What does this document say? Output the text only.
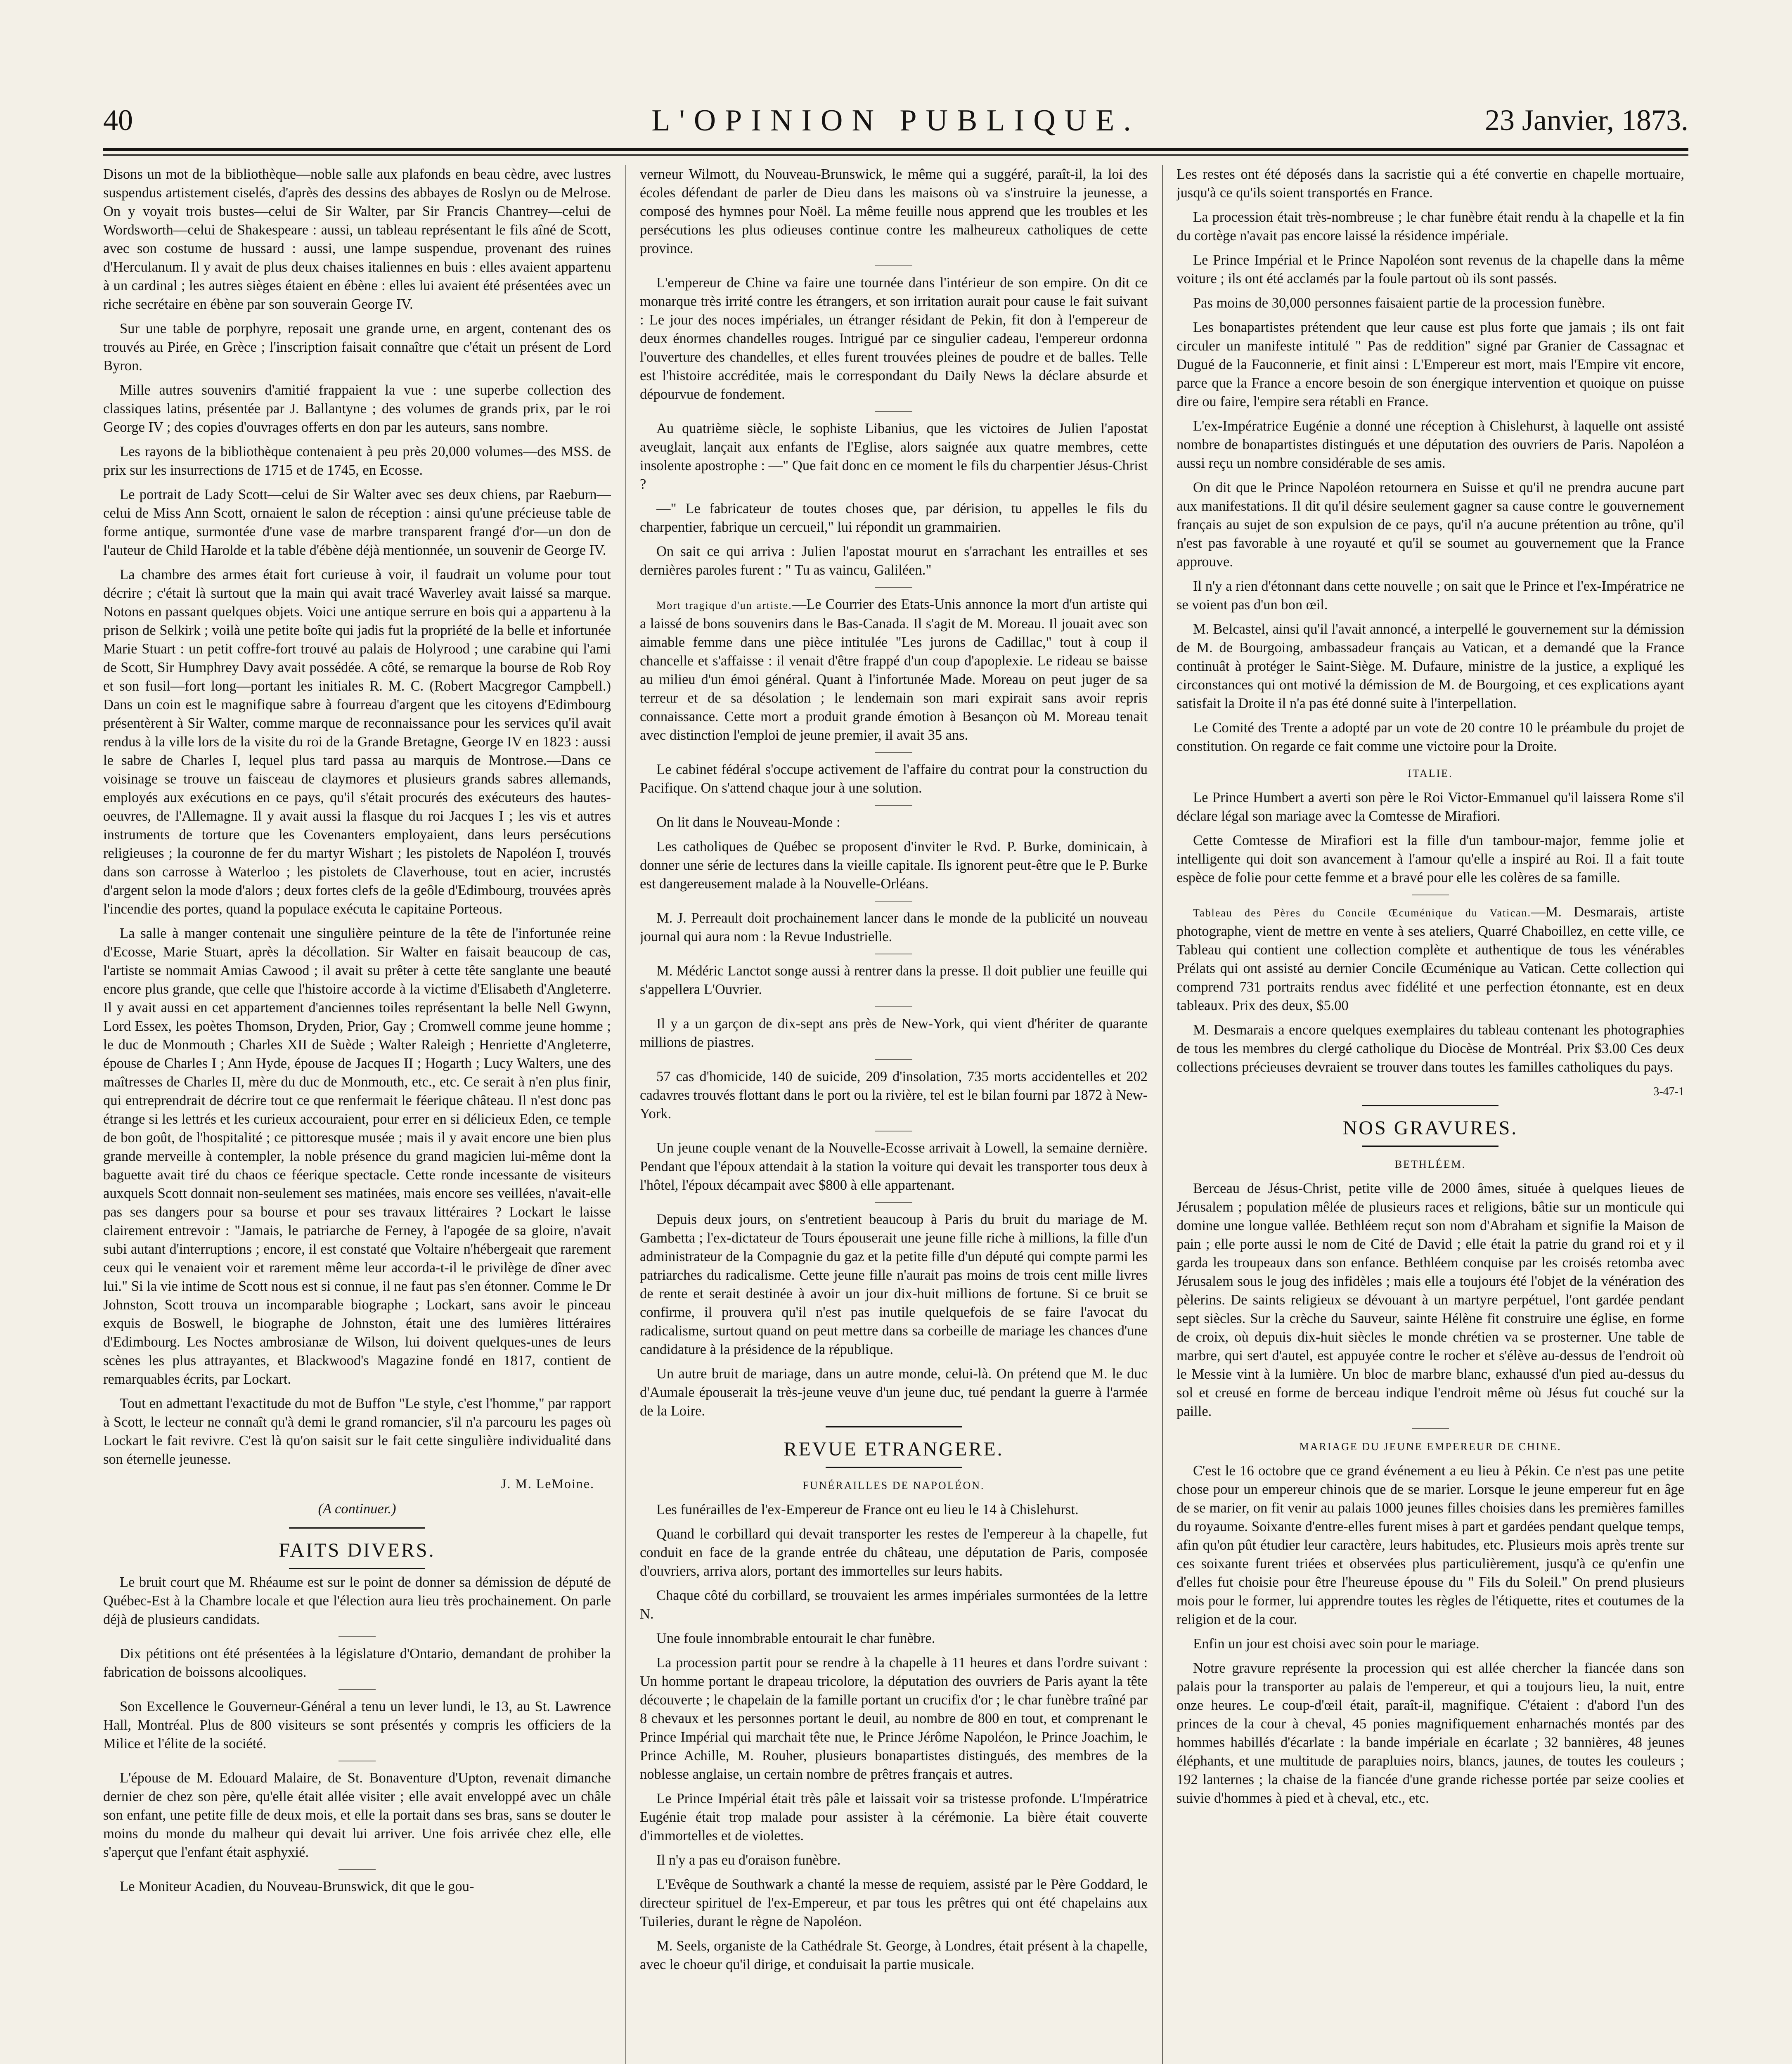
40	L'OPINION PUBLIQUE.	23 Janvier, 1873.

Disons un mot de la bibliothèque—noble salle aux plafonds en beau cèdre, avec lustres suspendus artistement ciselés, d'après des dessins des abbayes de Roslyn ou de Melrose. On y voyait trois bustes—celui de Sir Walter, par Sir Francis Chantrey—celui de Wordsworth—celui de Shakespeare : aussi, un tableau représentant le fils aîné de Scott, avec son costume de hussard : aussi, une lampe suspendue, provenant des ruines d'Herculanum. Il y avait de plus deux chaises italiennes en buis : elles avaient appartenu à un cardinal ; les autres sièges étaient en ébène : elles lui avaient été présentées avec un riche secrétaire en ébène par son souverain George IV.

Sur une table de porphyre, reposait une grande urne, en argent, contenant des os trouvés au Pirée, en Grèce ; l'inscription faisait connaître que c'était un présent de Lord Byron.

Mille autres souvenirs d'amitié frappaient la vue : une superbe collection des classiques latins, présentée par J. Ballantyne ; des volumes de grands prix, par le roi George IV ; des copies d'ouvrages offerts en don par les auteurs, sans nombre.

Les rayons de la bibliothèque contenaient à peu près 20,000 volumes—des MSS. de prix sur les insurrections de 1715 et de 1745, en Ecosse.

Le portrait de Lady Scott—celui de Sir Walter avec ses deux chiens, par Raeburn—celui de Miss Ann Scott, ornaient le salon de réception : ainsi qu'une précieuse table de forme antique, surmontée d'une vase de marbre transparent frangé d'or—un don de l'auteur de Child Harolde et la table d'ébène déjà mentionnée, un souvenir de George IV.

La chambre des armes était fort curieuse à voir, il faudrait un volume pour tout décrire ; c'était là surtout que la main qui avait tracé Waverley avait laissé sa marque. Notons en passant quelques objets. Voici une antique serrure en bois qui a appartenu à la prison de Selkirk ; voilà une petite boîte qui jadis fut la propriété de la belle et infortunée Marie Stuart : un petit coffre-fort trouvé au palais de Holyrood ; une carabine qui l'ami de Scott, Sir Humphrey Davy avait possédée. A côté, se remarque la bourse de Rob Roy et son fusil—fort long—portant les initiales R. M. C. (Robert Macgregor Campbell.) Dans un coin est le magnifique sabre à fourreau d'argent que les citoyens d'Edimbourg présentèrent à Sir Walter, comme marque de reconnaissance pour les services qu'il avait rendus à la ville lors de la visite du roi de la Grande Bretagne, George IV en 1823 : aussi le sabre de Charles I, lequel plus tard passa au marquis de Montrose.—Dans ce voisinage se trouve un faisceau de claymores et plusieurs grands sabres allemands, employés aux exécutions en ce pays, qu'il s'était procurés des exécuteurs des hautes-oeuvres, de l'Allemagne. Il y avait aussi la flasque du roi Jacques I ; les vis et autres instruments de torture que les Covenanters employaient, dans leurs persécutions religieuses ; la couronne de fer du martyr Wishart ; les pistolets de Napoléon I, trouvés dans son carrosse à Waterloo ; les pistolets de Claverhouse, tout en acier, incrustés d'argent selon la mode d'alors ; deux fortes clefs de la geôle d'Edimbourg, trouvées après l'incendie des portes, quand la populace exécuta le capitaine Porteous.

La salle à manger contenait une singulière peinture de la tête de l'infortunée reine d'Ecosse, Marie Stuart, après la décollation. Sir Walter en faisait beaucoup de cas, l'artiste se nommait Amias Cawood ; il avait su prêter à cette tête sanglante une beauté encore plus grande, que celle que l'histoire accorde à la victime d'Elisabeth d'Angleterre. Il y avait aussi en cet appartement d'anciennes toiles représentant la belle Nell Gwynn, Lord Essex, les poètes Thomson, Dryden, Prior, Gay ; Cromwell comme jeune homme ; le duc de Monmouth ; Charles XII de Suède ; Walter Raleigh ; Henriette d'Angleterre, épouse de Charles I ; Ann Hyde, épouse de Jacques II ; Hogarth ; Lucy Walters, une des maîtresses de Charles II, mère du duc de Monmouth, etc., etc. Ce serait à n'en plus finir, qui entreprendrait de décrire tout ce que renfermait le féerique château. Il n'est donc pas étrange si les lettrés et les curieux accouraient, pour errer en si délicieux Eden, ce temple de bon goût, de l'hospitalité ; ce pittoresque musée ; mais il y avait encore une bien plus grande merveille à contempler, la noble présence du grand magicien lui-même dont la baguette avait tiré du chaos ce féerique spectacle. Cette ronde incessante de visiteurs auxquels Scott donnait non-seulement ses matinées, mais encore ses veillées, n'avait-elle pas ses dangers pour sa bourse et pour ses travaux littéraires ? Lockart le laisse clairement entrevoir : "Jamais, le patriarche de Ferney, à l'apogée de sa gloire, n'avait subi autant d'interruptions ; encore, il est constaté que Voltaire n'hébergeait que rarement ceux qui le venaient voir et rarement même leur accorda-t-il le privilège de dîner avec lui." Si la vie intime de Scott nous est si connue, il ne faut pas s'en étonner. Comme le Dr Johnston, Scott trouva un incomparable biographe ; Lockart, sans avoir le pinceau exquis de Boswell, le biographe de Johnston, était une des lumières littéraires d'Edimbourg. Les Noctes ambrosianæ de Wilson, lui doivent quelques-unes de leurs scènes les plus attrayantes, et Blackwood's Magazine fondé en 1817, contient de remarquables écrits, par Lockart.

Tout en admettant l'exactitude du mot de Buffon "Le style, c'est l'homme," par rapport à Scott, le lecteur ne connaît qu'à demi le grand romancier, s'il n'a parcouru les pages où Lockart le fait revivre. C'est là qu'on saisit sur le fait cette singulière individualité dans son éternelle jeunesse.

J. M. LeMoine.
(A continuer.)
FAITS DIVERS.

Le bruit court que M. Rhéaume est sur le point de donner sa démission de député de Québec-Est à la Chambre locale et que l'élection aura lieu très prochainement. On parle déjà de plusieurs candidats.

Dix pétitions ont été présentées à la législature d'Ontario, demandant de prohiber la fabrication de boissons alcooliques.

Son Excellence le Gouverneur-Général a tenu un lever lundi, le 13, au St. Lawrence Hall, Montréal. Plus de 800 visiteurs se sont présentés y compris les officiers de la Milice et l'élite de la société.

L'épouse de M. Edouard Malaire, de St. Bonaventure d'Upton, revenait dimanche dernier de chez son père, qu'elle était allée visiter ; elle avait enveloppé avec un châle son enfant, une petite fille de deux mois, et elle la portait dans ses bras, sans se douter le moins du monde du malheur qui devait lui arriver. Une fois arrivée chez elle, elle s'aperçut que l'enfant était asphyxié.

Le Moniteur Acadien, du Nouveau-Brunswick, dit que le gou-

verneur Wilmott, du Nouveau-Brunswick, le même qui a suggéré, paraît-il, la loi des écoles défendant de parler de Dieu dans les maisons où va s'instruire la jeunesse, a composé des hymnes pour Noël. La même feuille nous apprend que les troubles et les persécutions les plus odieuses continue contre les malheureux catholiques de cette province.

L'empereur de Chine va faire une tournée dans l'intérieur de son empire. On dit ce monarque très irrité contre les étrangers, et son irritation aurait pour cause le fait suivant : Le jour des noces impériales, un étranger résidant de Pekin, fit don à l'empereur de deux énormes chandelles rouges. Intrigué par ce singulier cadeau, l'empereur ordonna l'ouverture des chandelles, et elles furent trouvées pleines de poudre et de balles. Telle est l'histoire accréditée, mais le correspondant du Daily News la déclare absurde et dépourvue de fondement.

Au quatrième siècle, le sophiste Libanius, que les victoires de Julien l'apostat aveuglait, lançait aux enfants de l'Eglise, alors saignée aux quatre membres, cette insolente apostrophe : —" Que fait donc en ce moment le fils du charpentier Jésus-Christ ?

—" Le fabricateur de toutes choses que, par dérision, tu appelles le fils du charpentier, fabrique un cercueil," lui répondit un grammairien.

On sait ce qui arriva : Julien l'apostat mourut en s'arrachant les entrailles et ses dernières paroles furent : " Tu as vaincu, Galiléen."

Mort tragique d'un artiste.—Le Courrier des Etats-Unis annonce la mort d'un artiste qui a laissé de bons souvenirs dans le Bas-Canada. Il s'agit de M. Moreau. Il jouait avec son aimable femme dans une pièce intitulée "Les jurons de Cadillac," tout à coup il chancelle et s'affaisse : il venait d'être frappé d'un coup d'apoplexie. Le rideau se baisse au milieu d'un émoi général. Quant à l'infortunée Made. Moreau on peut juger de sa terreur et de sa désolation ; le lendemain son mari expirait sans avoir repris connaissance. Cette mort a produit grande émotion à Besançon où M. Moreau tenait avec distinction l'emploi de jeune premier, il avait 35 ans.

Le cabinet fédéral s'occupe activement de l'affaire du contrat pour la construction du Pacifique. On s'attend chaque jour à une solution.

On lit dans le Nouveau-Monde :

Les catholiques de Québec se proposent d'inviter le Rvd. P. Burke, dominicain, à donner une série de lectures dans la vieille capitale. Ils ignorent peut-être que le P. Burke est dangereusement malade à la Nouvelle-Orléans.

M. J. Perreault doit prochainement lancer dans le monde de la publicité un nouveau journal qui aura nom : la Revue Industrielle.

M. Médéric Lanctot songe aussi à rentrer dans la presse. Il doit publier une feuille qui s'appellera L'Ouvrier.

Il y a un garçon de dix-sept ans près de New-York, qui vient d'hériter de quarante millions de piastres.

57 cas d'homicide, 140 de suicide, 209 d'insolation, 735 morts accidentelles et 202 cadavres trouvés flottant dans le port ou la rivière, tel est le bilan fourni par 1872 à New-York.

Un jeune couple venant de la Nouvelle-Ecosse arrivait à Lowell, la semaine dernière. Pendant que l'époux attendait à la station la voiture qui devait les transporter tous deux à l'hôtel, l'époux décampait avec $800 à elle appartenant.

Depuis deux jours, on s'entretient beaucoup à Paris du bruit du mariage de M. Gambetta ; l'ex-dictateur de Tours épouserait une jeune fille riche à millions, la fille d'un administrateur de la Compagnie du gaz et la petite fille d'un député qui compte parmi les patriarches du radicalisme. Cette jeune fille n'aurait pas moins de trois cent mille livres de rente et serait destinée à avoir un jour dix-huit millions de fortune. Si ce bruit se confirme, il prouvera qu'il n'est pas inutile quelquefois de se faire l'avocat du radicalisme, surtout quand on peut mettre dans sa corbeille de mariage les chances d'une candidature à la présidence de la république.

Un autre bruit de mariage, dans un autre monde, celui-là. On prétend que M. le duc d'Aumale épouserait la très-jeune veuve d'un jeune duc, tué pendant la guerre à l'armée de la Loire.

REVUE ETRANGERE.
FUNÉRAILLES DE NAPOLÉON.

Les funérailles de l'ex-Empereur de France ont eu lieu le 14 à Chislehurst.

Quand le corbillard qui devait transporter les restes de l'empereur à la chapelle, fut conduit en face de la grande entrée du château, une députation de Paris, composée d'ouvriers, arriva alors, portant des immortelles sur leurs habits.

Chaque côté du corbillard, se trouvaient les armes impériales surmontées de la lettre N.

Une foule innombrable entourait le char funèbre.

La procession partit pour se rendre à la chapelle à 11 heures et dans l'ordre suivant : Un homme portant le drapeau tricolore, la députation des ouvriers de Paris ayant la tête découverte ; le chapelain de la famille portant un crucifix d'or ; le char funèbre traîné par 8 chevaux et les personnes portant le deuil, au nombre de 800 en tout, et comprenant le Prince Impérial qui marchait tête nue, le Prince Jérôme Napoléon, le Prince Joachim, le Prince Achille, M. Rouher, plusieurs bonapartistes distingués, des membres de la noblesse anglaise, un certain nombre de prêtres français et autres.

Le Prince Impérial était très pâle et laissait voir sa tristesse profonde. L'Impératrice Eugénie était trop malade pour assister à la cérémonie. La bière était couverte d'immortelles et de violettes.

Il n'y a pas eu d'oraison funèbre.

L'Evêque de Southwark a chanté la messe de requiem, assisté par le Père Goddard, le directeur spirituel de l'ex-Empereur, et par tous les prêtres qui ont été chapelains aux Tuileries, durant le règne de Napoléon.

M. Seels, organiste de la Cathédrale St. George, à Londres, était présent à la chapelle, avec le choeur qu'il dirige, et conduisait la partie musicale.

Les restes ont été déposés dans la sacristie qui a été convertie en chapelle mortuaire, jusqu'à ce qu'ils soient transportés en France.

La procession était très-nombreuse ; le char funèbre était rendu à la chapelle et la fin du cortège n'avait pas encore laissé la résidence impériale.

Le Prince Impérial et le Prince Napoléon sont revenus de la chapelle dans la même voiture ; ils ont été acclamés par la foule partout où ils sont passés.

Pas moins de 30,000 personnes faisaient partie de la procession funèbre.

Les bonapartistes prétendent que leur cause est plus forte que jamais ; ils ont fait circuler un manifeste intitulé " Pas de reddition" signé par Granier de Cassagnac et Dugué de la Fauconnerie, et finit ainsi : L'Empereur est mort, mais l'Empire vit encore, parce que la France a encore besoin de son énergique intervention et quoique on puisse dire ou faire, l'empire sera rétabli en France.

L'ex-Impératrice Eugénie a donné une réception à Chislehurst, à laquelle ont assisté nombre de bonapartistes distingués et une députation des ouvriers de Paris. Napoléon a aussi reçu un nombre considérable de ses amis.

On dit que le Prince Napoléon retournera en Suisse et qu'il ne prendra aucune part aux manifestations. Il dit qu'il désire seulement gagner sa cause contre le gouvernement français au sujet de son expulsion de ce pays, qu'il n'a aucune prétention au trône, qu'il n'est pas favorable à une royauté et qu'il se soumet au gouvernement que la France approuve.

Il n'y a rien d'étonnant dans cette nouvelle ; on sait que le Prince et l'ex-Impératrice ne se voient pas d'un bon œil.

M. Belcastel, ainsi qu'il l'avait annoncé, a interpellé le gouvernement sur la démission de M. de Bourgoing, ambassadeur français au Vatican, et a demandé que la France continuât à protéger le Saint-Siège. M. Dufaure, ministre de la justice, a expliqué les circonstances qui ont motivé la démission de M. de Bourgoing, et ces explications ayant satisfait la Droite il n'a pas été donné suite à l'interpellation.

Le Comité des Trente a adopté par un vote de 20 contre 10 le préambule du projet de constitution. On regarde ce fait comme une victoire pour la Droite.

ITALIE.

Le Prince Humbert a averti son père le Roi Victor-Emmanuel qu'il laissera Rome s'il déclare légal son mariage avec la Comtesse de Mirafiori.

Cette Comtesse de Mirafiori est la fille d'un tambour-major, femme jolie et intelligente qui doit son avancement à l'amour qu'elle a inspiré au Roi. Il a fait toute espèce de folie pour cette femme et a bravé pour elle les colères de sa famille.

Tableau des Pères du Concile Œcuménique du Vatican.—M. Desmarais, artiste photographe, vient de mettre en vente à ses ateliers, Quarré Chaboillez, en cette ville, ce Tableau qui contient une collection complète et authentique de tous les vénérables Prélats qui ont assisté au dernier Concile Œcuménique au Vatican. Cette collection qui comprend 731 portraits rendus avec fidélité et une perfection étonnante, est en deux tableaux. Prix des deux, $5.00

M. Desmarais a encore quelques exemplaires du tableau contenant les photographies de tous les membres du clergé catholique du Diocèse de Montréal. Prix $3.00 Ces deux collections précieuses devraient se trouver dans toutes les familles catholiques du pays.

3-47-1
NOS GRAVURES.
BETHLÉEM.

Berceau de Jésus-Christ, petite ville de 2000 âmes, située à quelques lieues de Jérusalem ; population mêlée de plusieurs races et religions, bâtie sur un monticule qui domine une longue vallée. Bethléem reçut son nom d'Abraham et signifie la Maison de pain ; elle porte aussi le nom de Cité de David ; elle était la patrie du grand roi et y il garda les troupeaux dans son enfance. Bethléem conquise par les croisés retomba avec Jérusalem sous le joug des infidèles ; mais elle a toujours été l'objet de la vénération des pèlerins. De saints religieux se dévouant à un martyre perpétuel, l'ont gardée pendant sept siècles. Sur la crèche du Sauveur, sainte Hélène fit construire une église, en forme de croix, où depuis dix-huit siècles le monde chrétien va se prosterner. Une table de marbre, qui sert d'autel, est appuyée contre le rocher et s'élève au-dessus de l'endroit où le Messie vint à la lumière. Un bloc de marbre blanc, exhaussé d'un pied au-dessus du sol et creusé en forme de berceau indique l'endroit même où Jésus fut couché sur la paille.

MARIAGE DU JEUNE EMPEREUR DE CHINE.

C'est le 16 octobre que ce grand événement a eu lieu à Pékin. Ce n'est pas une petite chose pour un empereur chinois que de se marier. Lorsque le jeune empereur fut en âge de se marier, on fit venir au palais 1000 jeunes filles choisies dans les premières familles du royaume. Soixante d'entre-elles furent mises à part et gardées pendant quelque temps, afin qu'on pût étudier leur caractère, leurs habitudes, etc. Plusieurs mois après trente sur ces soixante furent triées et observées plus particulièrement, jusqu'à ce qu'enfin une d'elles fut choisie pour être l'heureuse épouse du " Fils du Soleil." On prend plusieurs mois pour le former, lui apprendre toutes les règles de l'étiquette, rites et coutumes de la religion et de la cour.

Enfin un jour est choisi avec soin pour le mariage.

Notre gravure représente la procession qui est allée chercher la fiancée dans son palais pour la transporter au palais de l'empereur, et qui a toujours lieu, la nuit, entre onze heures. Le coup-d'œil était, paraît-il, magnifique. C'étaient : d'abord l'un des princes de la cour à cheval, 45 ponies magnifiquement enharnachés montés par des hommes habillés d'écarlate : la bande impériale en écarlate ; 32 bannières, 48 jeunes éléphants, et une multitude de parapluies noirs, blancs, jaunes, de toutes les couleurs ; 192 lanternes ; la chaise de la fiancée d'une grande richesse portée par seize coolies et suivie d'hommes à pied et à cheval, etc., etc.
